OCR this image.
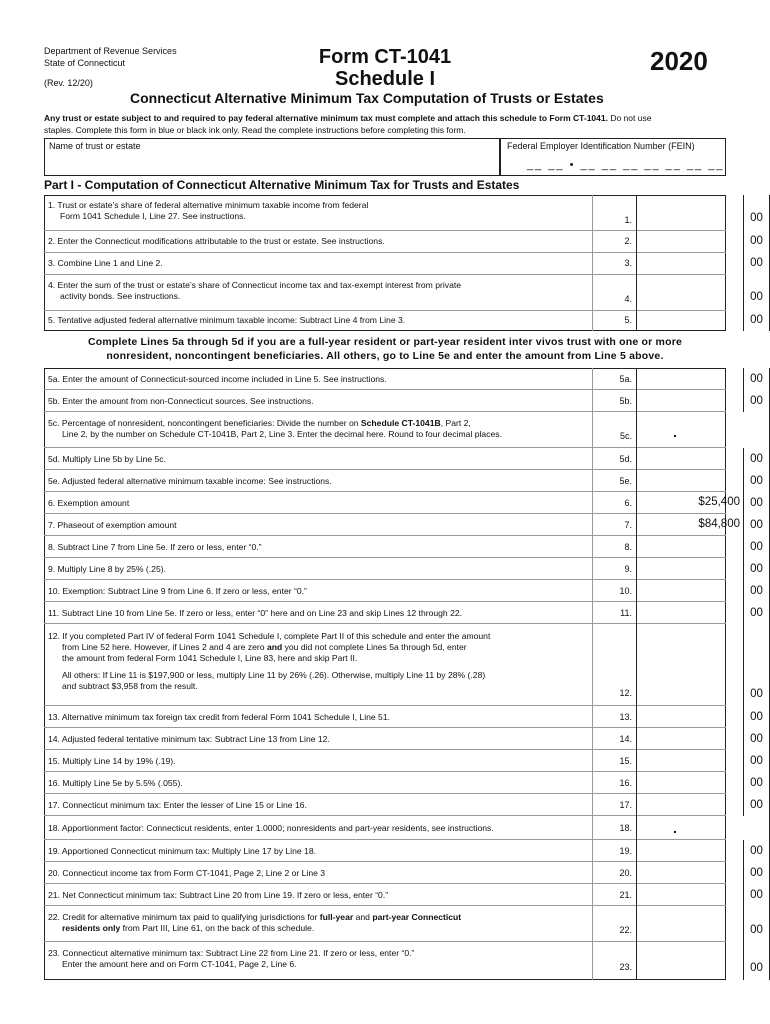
Department of Revenue Services
State of Connecticut
(Rev. 12/20)
Form CT-1041
Schedule I
2020
Connecticut Alternative Minimum Tax Computation of Trusts or Estates
Any trust or estate subject to and required to pay federal alternative minimum tax must complete and attach this schedule to Form CT-1041. Do not use
staples. Complete this form in blue or black ink only. Read the complete instructions before completing this form.
Name of trust or estate	Federal Employer Identification Number (FEIN)
__ __ • __ __ __ __ __ __ __
Part I - Computation of Connecticut Alternative Minimum Tax for Trusts and Estates
1. Trust or estate’s share of federal alternative minimum taxable income from federal
Form 1041 Schedule I, Line 27. See instructions.	1.	00
2. Enter the Connecticut modifications attributable to the trust or estate. See instructions.	2.	00
3. Combine Line 1 and Line 2.	3.	00
4. Enter the sum of the trust or estate’s share of Connecticut income tax and tax-exempt interest from private
activity bonds. See instructions.	4.	00
5. Tentative adjusted federal alternative minimum taxable income: Subtract Line 4 from Line 3.	5.	00
Complete Lines 5a through 5d if you are a full-year resident or part-year resident inter vivos trust with one or more
nonresident, noncontingent beneficiaries. All others, go to Line 5e and enter the amount from Line 5 above.
5a. Enter the amount of Connecticut-sourced income included in Line 5. See instructions.	5a.	00
5b. Enter the amount from non-Connecticut sources. See instructions.	5b.	00
5c. Percentage of nonresident, noncontingent beneficiaries: Divide the number on Schedule CT-1041B, Part 2,
Line 2, by the number on Schedule CT-1041B, Part 2, Line 3. Enter the decimal here. Round to four decimal places.	5c.	.
5d. Multiply Line 5b by Line 5c.	5d.	00
5e. Adjusted federal alternative minimum taxable income: See instructions.	5e.	00
6. Exemption amount	6.	$25,400 00
7. Phaseout of exemption amount	7.	$84,800 00
8. Subtract Line 7 from Line 5e. If zero or less, enter “0.”	8.	00
9. Multiply Line 8 by 25% (.25).	9.	00
10. Exemption: Subtract Line 9 from Line 6. If zero or less, enter “0.”	10.	00
11. Subtract Line 10 from Line 5e. If zero or less, enter “0” here and on Line 23 and skip Lines 12 through 22.	11.	00
12. If you completed Part IV of federal Form 1041 Schedule I, complete Part II of this schedule and enter the amount
from Line 52 here. However, if Lines 2 and 4 are zero and you did not complete Lines 5a through 5d, enter
the amount from federal Form 1041 Schedule I, Line 83, here and skip Part II.

All others: If Line 11 is $197,900 or less, multiply Line 11 by 26% (.26). Otherwise, multiply Line 11 by 28% (.28)
and subtract $3,958 from the result.
12.	00
13. Alternative minimum tax foreign tax credit from federal Form 1041 Schedule I, Line 51.	13.	00
14. Adjusted federal tentative minimum tax: Subtract Line 13 from Line 12.	14.	00
15. Multiply Line 14 by 19% (.19).	15.	00
16. Multiply Line 5e by 5.5% (.055).	16.	00
17. Connecticut minimum tax: Enter the lesser of Line 15 or Line 16.	17.	00
18. Apportionment factor: Connecticut residents, enter 1.0000; nonresidents and part-year residents, see instructions.	18.	.
19. Apportioned Connecticut minimum tax: Multiply Line 17 by Line 18.	19.	00
20. Connecticut income tax from Form CT-1041, Page 2, Line 2 or Line 3	20.	00
21. Net Connecticut minimum tax: Subtract Line 20 from Line 19. If zero or less, enter “0.”	21.	00
22. Credit for alternative minimum tax paid to qualifying jurisdictions for full-year and part-year Connecticut
residents only from Part III, Line 61, on the back of this schedule.	22.	00
23. Connecticut alternative minimum tax: Subtract Line 22 from Line 21. If zero or less, enter “0.”
Enter the amount here and on Form CT-1041, Page 2, Line 6.	23.	00
